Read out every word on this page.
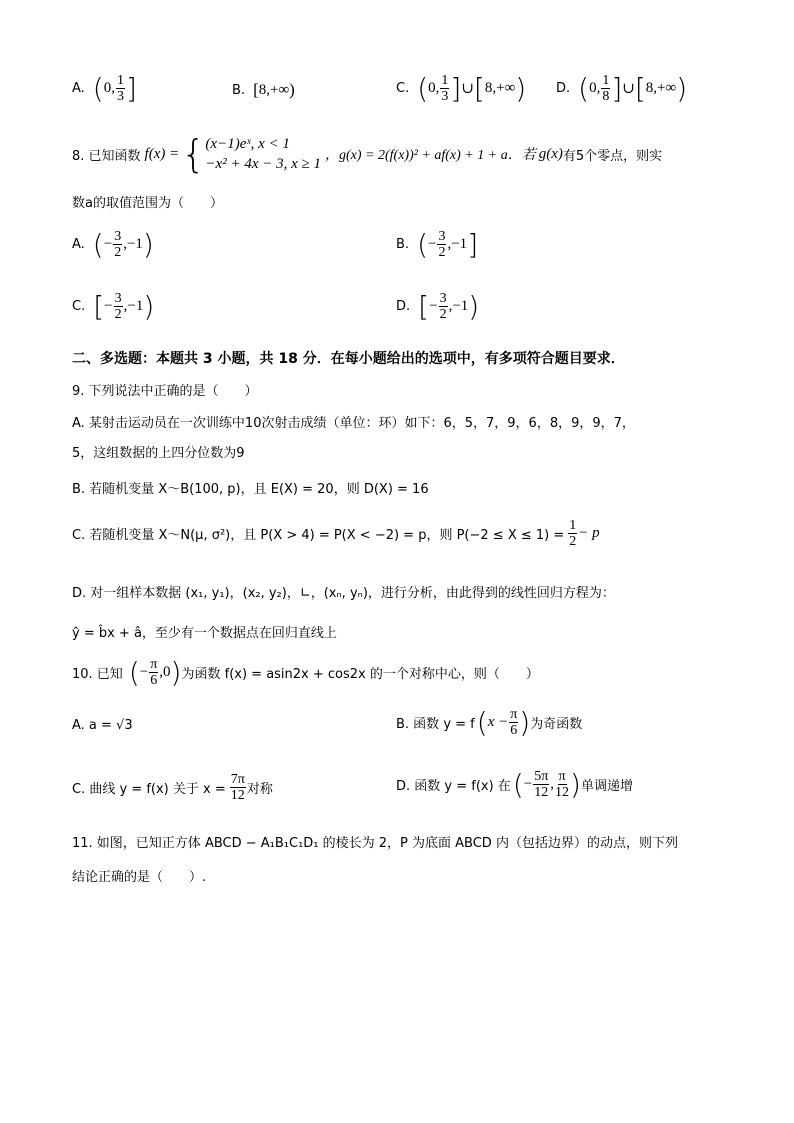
A. ( 0, $\frac{1}{3}$ ]	B. [ 8,+∞ )	C. ( 0, $\frac{1}{3}$ ] ∪ [ 8,+∞ ) D. ( 0, $\frac{1}{8}$ ] ∪ [ 8,+∞ )
8. 已知函数 f(x) = { (x−1)eˣ, x < 1
−x² + 4x − 3, x ≥ 1
，g(x) = 2(f(x))² + af(x) + 1 + a．若 g(x) 有5个零点，则实
数a的取值范围为（　　）
A. ( − $\frac{3}{2} ,-1$ )	B. ( − $\frac{3}{2} ,-1$ ]
C. [ − $\frac{3}{2} ,-1$ )	D. [ − $\frac{3}{2} ,-1$ )
二、多选题：本题共 3 小题，共 18 分．在每小题给出的选项中，有多项符合题目要求．
9. 下列说法中正确的是（　　）
A. 某射击运动员在一次训练中10次射击成绩（单位：环）如下：6，5，7，9，6，8，9，9，7，
5，这组数据的上四分位数为9
B. 若随机变量 X～B(100, p)，且 E(X) = 20，则 D(X) = 16
C. 若随机变量 X～N(μ, σ²)，且 P(X > 4) = P(X < −2) = p，则 $P(-2 \le X \le 1) = \frac{1}{2} - p$
D. 对一组样本数据 (x₁, y₁)，(x₂, y₂)，∟，(xₙ, yₙ)，进行分析，由此得到的线性回归方程为：
ŷ = b̂x + â，至少有一个数据点在回归直线上
10. 已知 ( − $\frac{\pi}{6} ,0$ ) 为函数 f(x) = asin2x + cos2x 的一个对称中心，则（　　）
A. a = √3	B. 函数 y = f ( $x - \frac{\pi}{6}$ ) 为奇函数
C. 曲线 y = f(x) 关于 $x = \frac{7\pi}{12}$ 对称	D. 函数 y = f(x) 在 ( − $\frac{5\pi}{12}$ , $\frac{\pi}{12}$ ) 单调递增
11. 如图，已知正方体 ABCD − A₁B₁C₁D₁ 的棱长为 2，P 为底面 ABCD 内（包括边界）的动点，则下列
结论正确的是（　　）.
